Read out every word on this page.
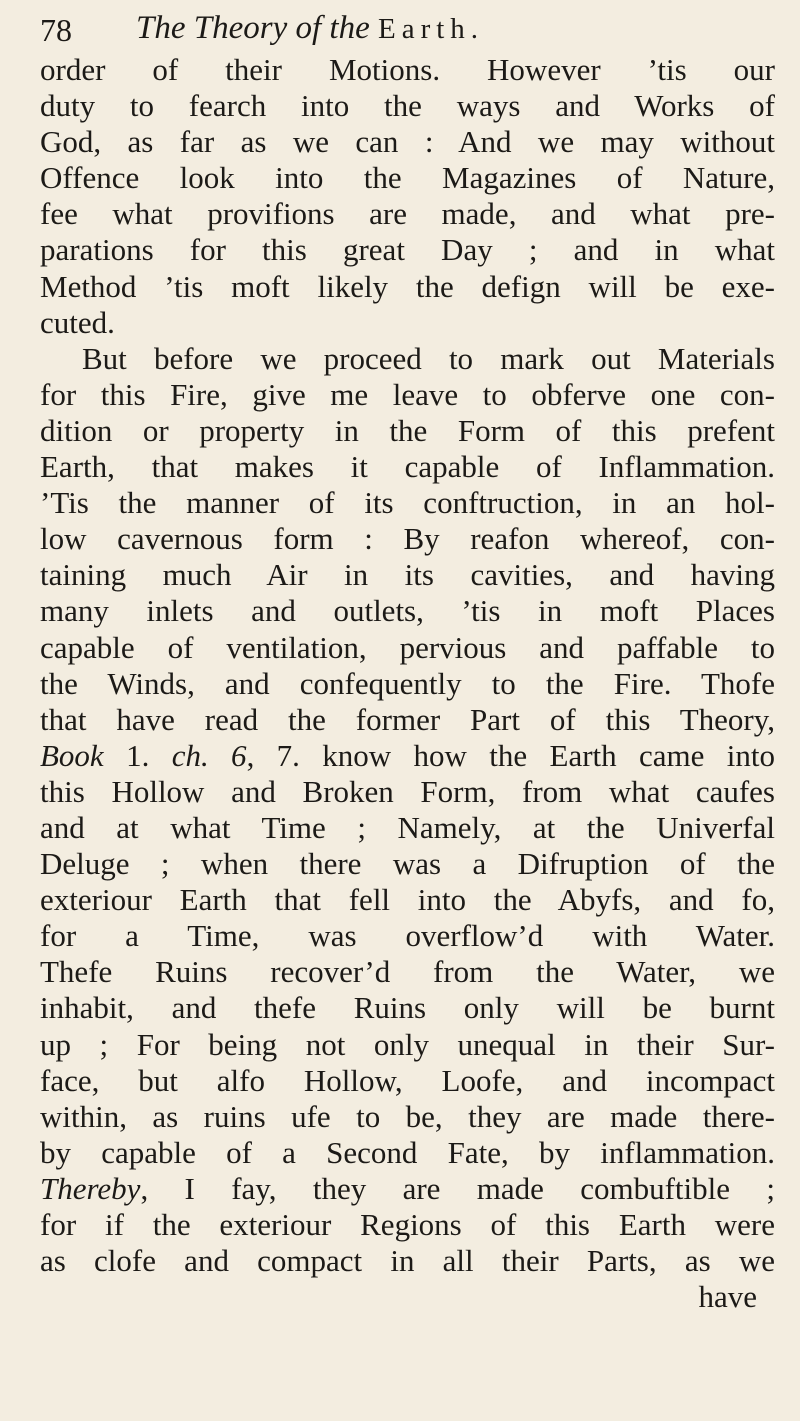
78 The Theory of the Earth.
order of their Motions. However ’tis our
duty to fearch into the ways and Works of
God, as far as we can : And we may without
Offence look into the Magazines of Nature,
fee what provifions are made, and what pre-
parations for this great Day ; and in what
Method ’tis moft likely the defign will be exe-
cuted.
But before we proceed to mark out Materials
for this Fire, give me leave to obferve one con-
dition or property in the Form of this prefent
Earth, that makes it capable of Inflammation.
’Tis the manner of its conftruction, in an hol-
low cavernous form : By reafon whereof, con-
taining much Air in its cavities, and having
many inlets and outlets, ’tis in moft Places
capable of ventilation, pervious and paffable to
the Winds, and confequently to the Fire. Thofe
that have read the former Part of this Theory,
Book 1. ch. 6, 7. know how the Earth came into
this Hollow and Broken Form, from what caufes
and at what Time ; Namely, at the Univerfal
Deluge ; when there was a Difruption of the
exteriour Earth that fell into the Abyfs, and fo,
for a Time, was overflow’d with Water.
Thefe Ruins recover’d from the Water, we
inhabit, and thefe Ruins only will be burnt
up ; For being not only unequal in their Sur-
face, but alfo Hollow, Loofe, and incompact
within, as ruins ufe to be, they are made there-
by capable of a Second Fate, by inflammation.
Thereby, I fay, they are made combuftible ;
for if the exteriour Regions of this Earth were
as clofe and compact in all their Parts, as we
have
